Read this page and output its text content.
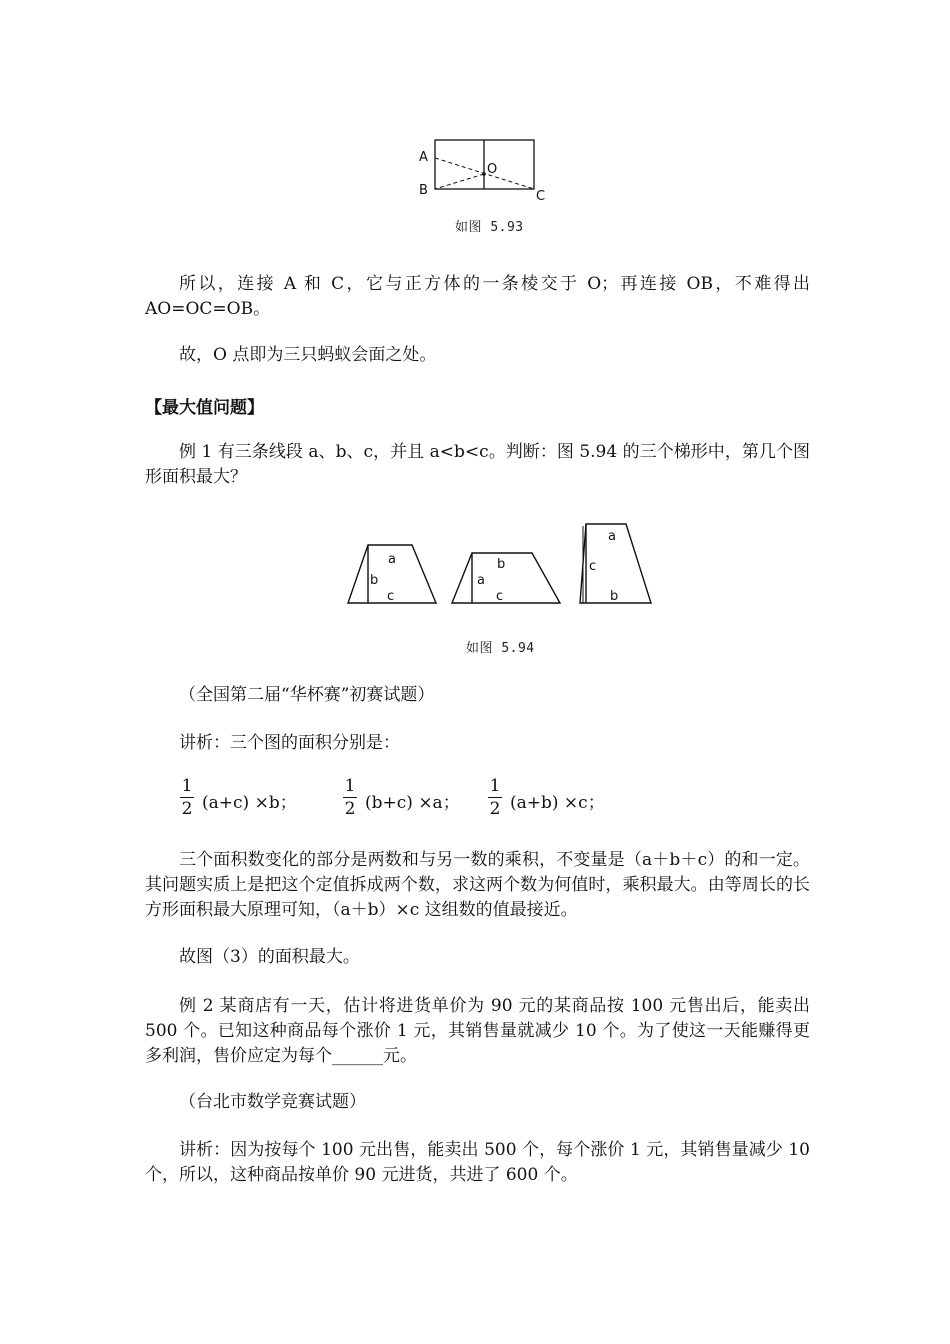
A
B
O
C
如图 5.93

所以，连接 A 和 C，它与正方体的一条棱交于 O；再连接 OB，不难得出 AO=OC=OB。

故，O 点即为三只蚂蚁会面之处。

【最大值问题】

例 1 有三条线段 a、b、c，并且 a<b<c。判断：图 5.94 的三个梯形中，第几个图形面积最大？

a
b
c
b
a
c
a
c
b
如图 5.94

（全国第二届“华杯赛”初赛试题）

讲析：三个图的面积分别是：

1
2 (a+c) ×b；
1
2 (b+c) ×a；
1
2 (a+b) ×c；

三个面积数变化的部分是两数和与另一数的乘积，不变量是（a＋b＋c）的和一定。其问题实质上是把这个定值拆成两个数，求这两个数为何值时，乘积最大。由等周长的长方形面积最大原理可知，（a＋b）×c 这组数的值最接近。

故图（3）的面积最大。

例 2 某商店有一天，估计将进货单价为 90 元的某商品按 100 元售出后，能卖出 500 个。已知这种商品每个涨价 1 元，其销售量就减少 10 个。为了使这一天能赚得更多利润，售价应定为每个______元。

（台北市数学竞赛试题）

讲析：因为按每个 100 元出售，能卖出 500 个，每个涨价 1 元，其销售量减少 10 个，所以，这种商品按单价 90 元进货，共进了 600 个。
